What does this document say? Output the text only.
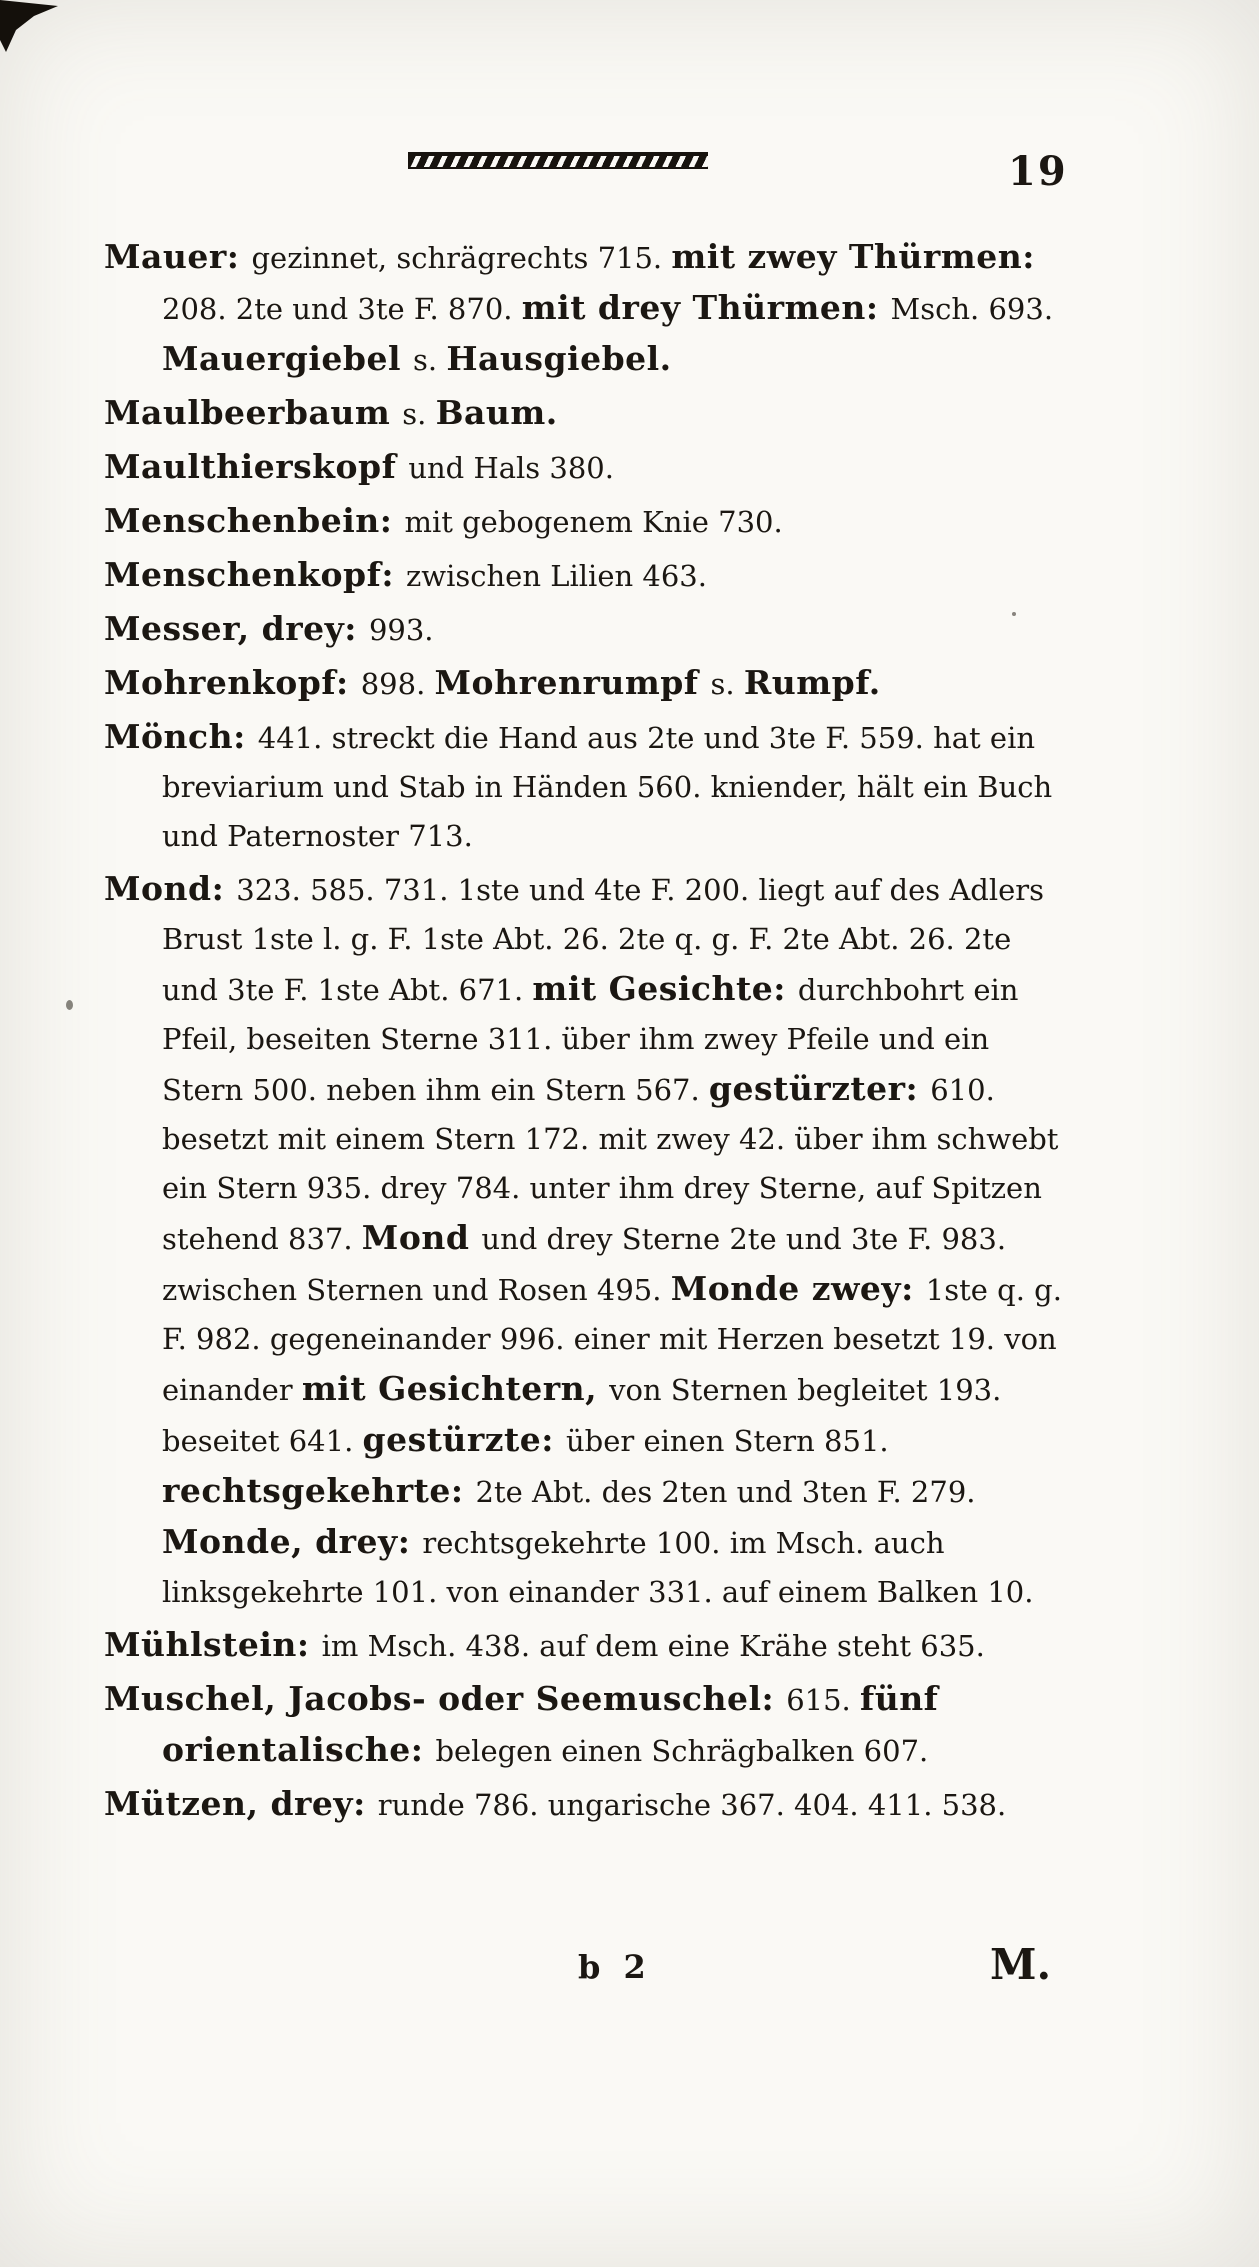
19

Mauer: gezinnet, schrägrechts 715. mit zwey Thürmen: 208. 2te und 3te F. 870. mit drey Thürmen: Msch. 693. Mauergiebel s. Hausgiebel.

Maulbeerbaum s. Baum.

Maulthierskopf und Hals 380.

Menschenbein: mit gebogenem Knie 730.

Menschenkopf: zwischen Lilien 463.

Messer, drey: 993.

Mohrenkopf: 898. Mohrenrumpf s. Rumpf.

Mönch: 441. streckt die Hand aus 2te und 3te F. 559. hat ein breviarium und Stab in Händen 560. kniender, hält ein Buch und Paternoster 713.

Mond: 323. 585. 731. 1ste und 4te F. 200. liegt auf des Adlers Brust 1ste l. g. F. 1ste Abt. 26. 2te q. g. F. 2te Abt. 26. 2te und 3te F. 1ste Abt. 671. mit Gesichte: durchbohrt ein Pfeil, beseiten Sterne 311. über ihm zwey Pfeile und ein Stern 500. neben ihm ein Stern 567. gestürzter: 610. besetzt mit einem Stern 172. mit zwey 42. über ihm schwebt ein Stern 935. drey 784. unter ihm drey Sterne, auf Spitzen stehend 837. Mond und drey Sterne 2te und 3te F. 983. zwischen Sternen und Rosen 495. Monde zwey: 1ste q. g. F. 982. gegeneinander 996. einer mit Herzen besetzt 19. von einander mit Gesichtern, von Sternen begleitet 193. beseitet 641. gestürzte: über einen Stern 851. rechtsgekehrte: 2te Abt. des 2ten und 3ten F. 279. Monde, drey: rechtsgekehrte 100. im Msch. auch linksgekehrte 101. von einander 331. auf einem Balken 10.

Mühlstein: im Msch. 438. auf dem eine Krähe steht 635.

Muschel, Jacobs- oder Seemuschel: 615. fünf orientalische: belegen einen Schrägbalken 607.

Mützen, drey: runde 786. ungarische 367. 404. 411. 538.

b 2	M.
